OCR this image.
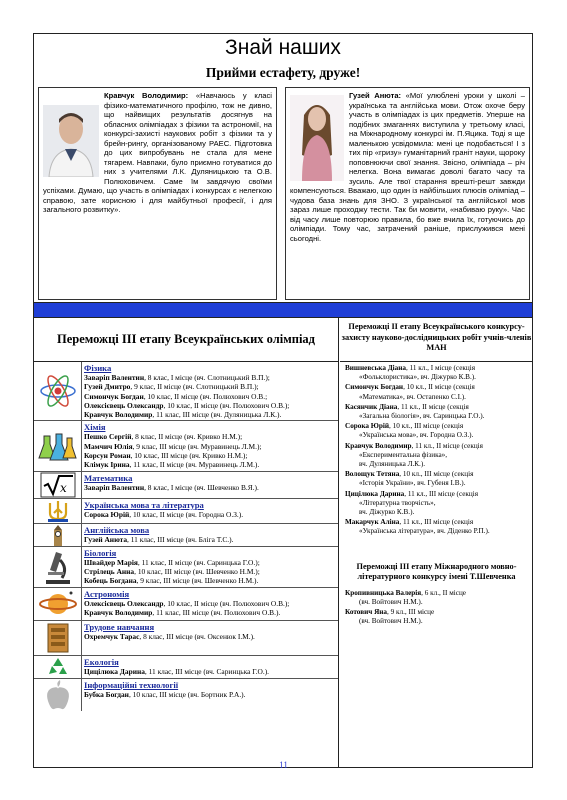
Знай наших
Прийми естафету, друже!
Кравчук Володимир: «Навчаюсь у класі фізико-математичного профілю, тож не дивно, що найвищих результатів досягнув на обласних олімпіадах з фізики та астрономії, на конкурсі-захисті наукових робіт з фізики та у брейн-рингу, організованому РАЕС. Підготовка до цих випробувань не стала для мене тягарем. Навпаки, було приємно готуватися до них з учителями Л.К. Дуляницькою та О.В. Полюховичем. Саме їм завдячую своїми успіхами. Думаю, що участь в олімпіадах і конкурсах є нелегкою справою, зате корисною і для майбутньої професії, і для загального розвитку».
Гузей Анюта: «Мої улюблені уроки у школі – українська та англійська мови. Отож охоче беру участь в олімпіадах із цих предметів. Уперше на подібних змаганнях виступила у третьому класі, на Міжнародному конкурсі ім. П.Яцика. Тоді я ще маленькою усвідомила: мені це подобається! І з тих пір «гризу» гуманітарний граніт науки, щороку поповнюючи свої знання. Звісно, олімпіада – річ нелегка. Вона вимагає доволі багато часу та зусиль. Але твої старання врешті-решт завжди компенсуються. Вважаю, що один із найбільших плюсів олімпіад – чудова база знань для ЗНО. З української та англійської мов зараз лише проходжу тести. Так би мовити, «набиваю руку». Час від часу лише повторюю правила, бо вже вчила їх, готуючись до олімпіади. Тому час, затрачений раніше, прислужився мені сьогодні.
Переможці ІІІ етапу Всеукраїнських олімпіад
Фізика
Заваріп Валентин, 8 клас, І місце (вч. Слотницький В.П.);
Гузей Дмитро, 9 клас, ІІ місце (вч. Слотницький В.П.);
Симончук Богдан, 10 клас, ІІ місце (вч. Полюхович О.В.;
Олексієвець Олександр, 10 клас, ІІ місце (вч. Полюхович О.В.);
Кравчук Володимир, 11 клас, ІІІ місце (вч. Дуляницька Л.К.).
Хімія
Пешко Сергій, 8 клас, ІІ місце (вч. Кривко Н.М.);
Мамчич Юлія, 9 клас, ІІІ місце (вч. Муравинець Л.М.);
Корсун Роман, 10 клас, ІІІ місце (вч. Кривко Н.М.);
Клімук Ірина, 11 клас, ІІ місце (вч. Муравинець Л.М.).
x
Математика
Заваріп Валентин, 8 клас, І місце (вч. Шевченко В.Я.).
Українська мова та література
Сорока Юрій, 10 клас, ІІ місце (вч. Городна О.З.).
Англійська мова
Гузей Анюта, 11 клас, ІІІ місце (вч. Бліга Т.С.).
Біологія
Швайдер Марія, 11 клас, ІІ місце (вч. Саринцька Г.О.);
Стрілець Анна, 10 клас, ІІІ місце (вч. Шевченко Н.М.);
Кобець Богдана, 9 клас, ІІІ місце (вч. Шевченко Н.М.).
Астрономія
Олексієвець Олександр, 10 клас, ІІ місце (вч. Полюхович О.В.);
Кравчук Володимир, 11 клас, ІІІ місце (вч. Полюхович О.В.).
Трудове навчання
Охремчук Тарас, 8 клас, ІІІ місце (вч. Оксенюк І.М.).
Екологія
Цицілюка Дарина, 11 клас, ІІІ місце (вч. Саринцька Г.О.).
Інформаційні технології
Бубка Богдан, 10 клас, ІІІ місце (вч. Бортник Р.А.).
Переможці ІІ етапу Всеукраїнського конкурсу-захисту науково-дослідницьких робіт учнів-членів МАН
Вишневська Діана, 11 кл., І місце (секція
«Фольклористика», вч. Діжурко К.В.).
Симончук Богдан, 10 кл., ІІ місце (секція
«Математика», вч. Остапенко С.І.).
Касянчик Діана, 11 кл., ІІ місце (секція
«Загальна біологія», вч. Саринцька Г.О.).
Сорока Юрій, 10 кл., ІІІ місце (секція
«Українська мова», вч. Городна О.З.).
Кравчук Володимир, 11 кл., ІІ місце (секція
«Експериментальна фізика»,
вч. Дуляницька Л.К.).
Волощук Тетяна, 10 кл., ІІІ місце (секція
«Історія України», вч. Губеня І.В.).
Цицілюка Дарина, 11 кл., ІІІ місце (секція
«Літературна творчість»,
вч. Діжурко К.В.).
Макарчук Аліна, 11 кл., ІІІ місце (секція
«Українська література», вч. Діденко Р.П.).
Переможці ІІІ етапу Міжнародного мовно-літературного конкурсу імені Т.Шевченка
Кропивницька Валерія, 6 кл., ІІ місце
(вч. Войтович Н.М.).
Котович Яна, 9 кл., ІІІ місце
(вч. Войтович Н.М.).
11
